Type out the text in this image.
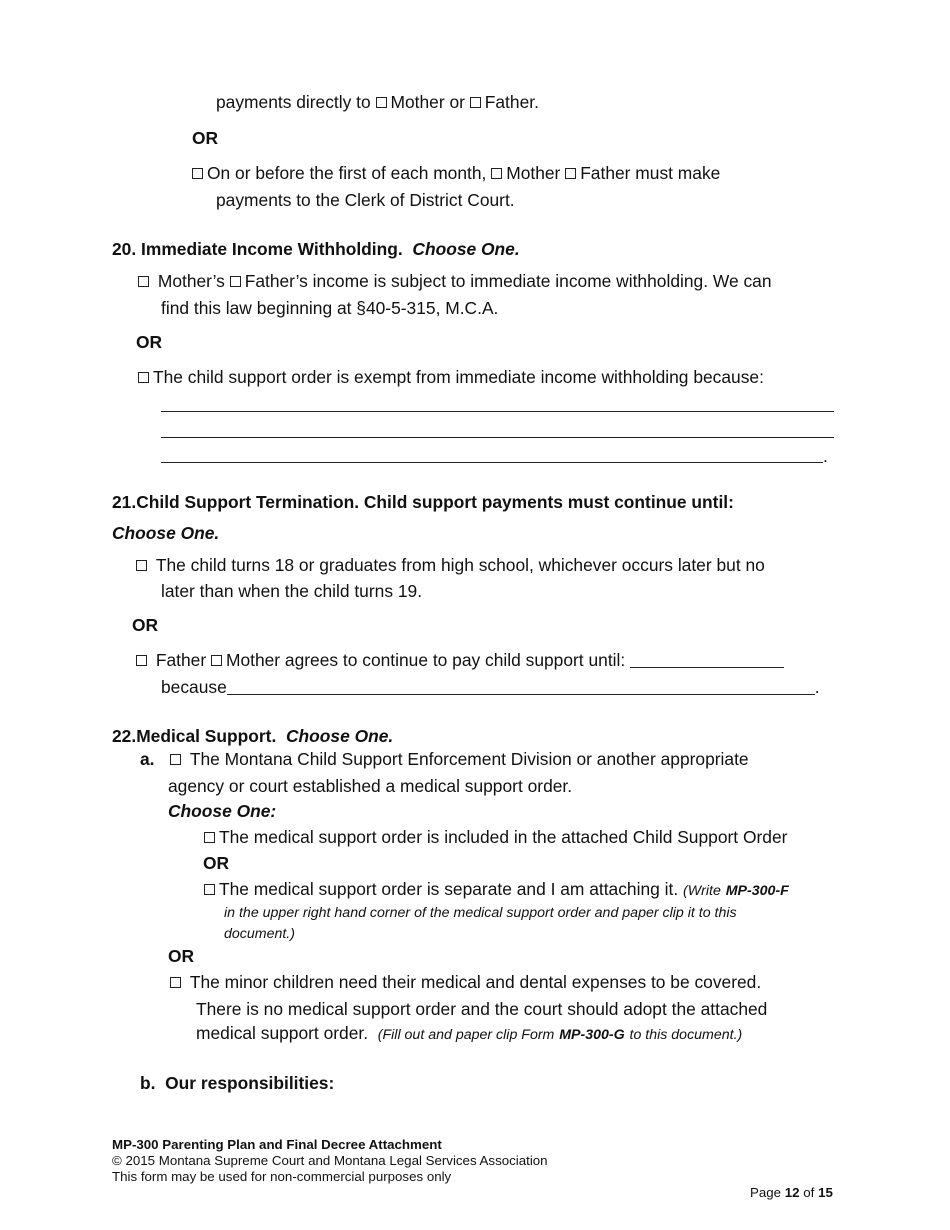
payments directly to Mother or Father.
OR
On or before the first of each month, Mother Father must make
payments to the Clerk of District Court.
20. Immediate Income Withholding. Choose One.
Mother’s Father’s income is subject to immediate income withholding. We can
find this law beginning at §40-5-315, M.C.A.
OR
The child support order is exempt from immediate income withholding because:
.
21.Child Support Termination. Child support payments must continue until:
Choose One.
The child turns 18 or graduates from high school, whichever occurs later but no
later than when the child turns 19.
OR
Father Mother agrees to continue to pay child support until:
because	.
22.Medical Support. Choose One.
a.	The Montana Child Support Enforcement Division or another appropriate
agency or court established a medical support order.
Choose One:
The medical support order is included in the attached Child Support Order
OR
The medical support order is separate and I am attaching it. (Write MP-300-F
in the upper right hand corner of the medical support order and paper clip it to this
document.)
OR
The minor children need their medical and dental expenses to be covered.
There is no medical support order and the court should adopt the attached
medical support order. (Fill out and paper clip Form MP-300-G to this document.)
b. Our responsibilities:
MP-300 Parenting Plan and Final Decree Attachment
© 2015 Montana Supreme Court and Montana Legal Services Association
This form may be used for non-commercial purposes only
Page 12 of 15
